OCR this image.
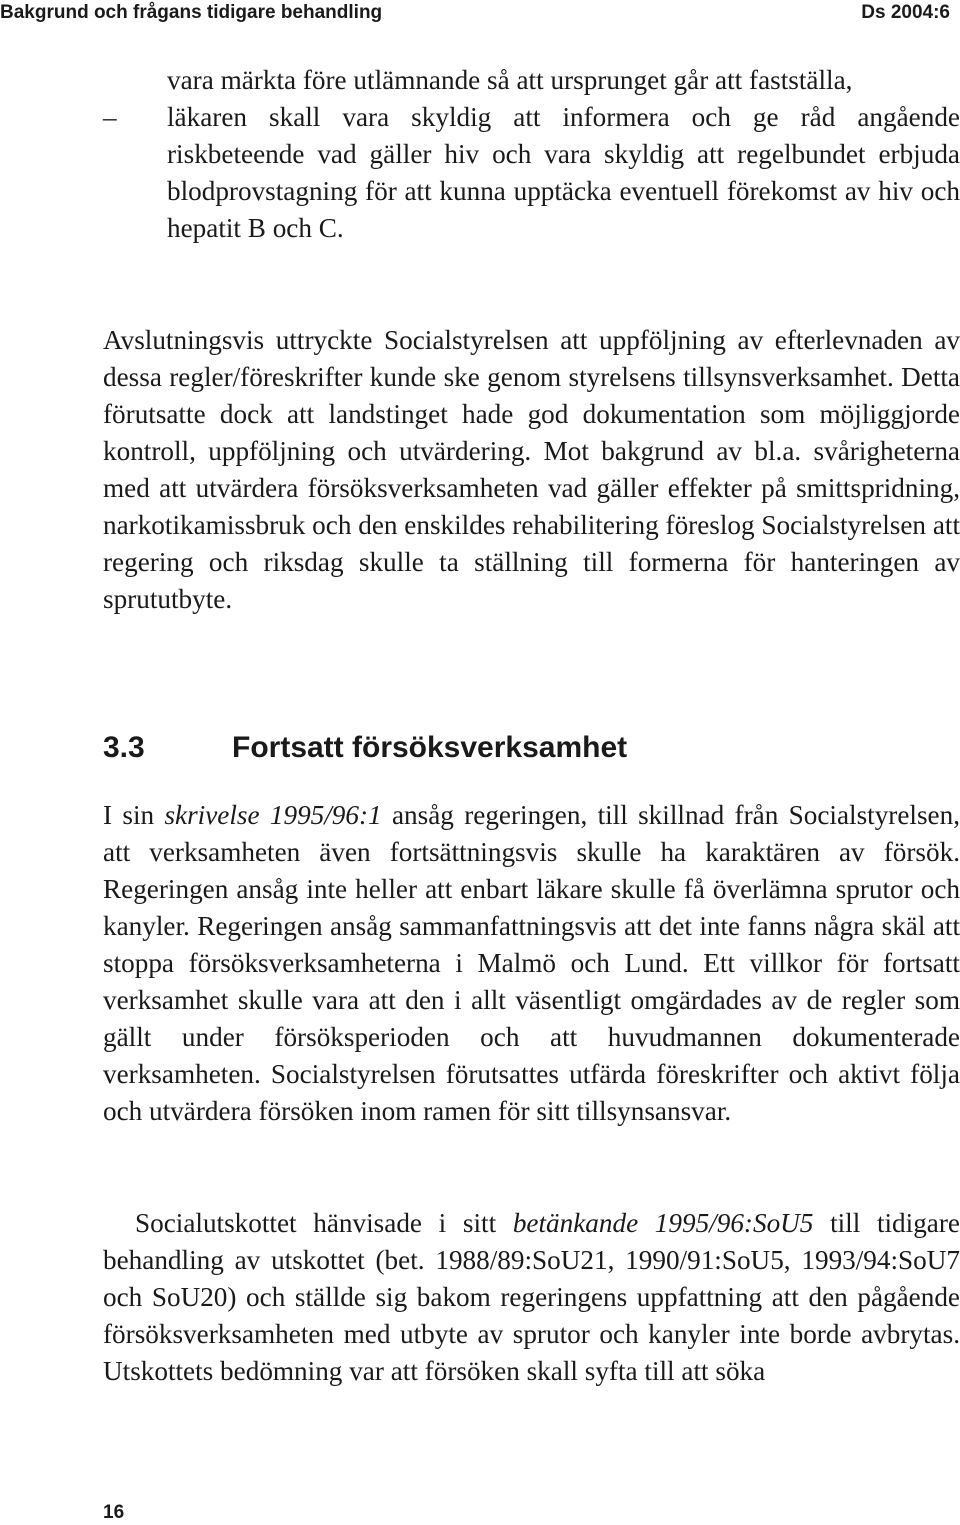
Bakgrund och frågans tidigare behandling	Ds 2004:6

vara märkta före utlämnande så att ursprunget går att fastställa,

– läkaren skall vara skyldig att informera och ge råd angående riskbeteende vad gäller hiv och vara skyldig att regelbundet erbjuda blodprovstagning för att kunna upptäcka eventuell förekomst av hiv och hepatit B och C.

Avslutningsvis uttryckte Socialstyrelsen att uppföljning av efterlevnaden av dessa regler/föreskrifter kunde ske genom styrelsens tillsynsverksamhet. Detta förutsatte dock att landstinget hade god dokumentation som möjliggjorde kontroll, uppföljning och utvärdering. Mot bakgrund av bl.a. svårigheterna med att utvärdera försöksverksamheten vad gäller effekter på smittspridning, narkotikamissbruk och den enskildes rehabilitering föreslog Socialstyrelsen att regering och riksdag skulle ta ställning till formerna för hanteringen av sprututbyte.

3.3	Fortsatt försöksverksamhet

I sin skrivelse 1995/96:1 ansåg regeringen, till skillnad från Socialstyrelsen, att verksamheten även fortsättningsvis skulle ha karaktären av försök. Regeringen ansåg inte heller att enbart läkare skulle få överlämna sprutor och kanyler. Regeringen ansåg sammanfattningsvis att det inte fanns några skäl att stoppa försöksverksamheterna i Malmö och Lund. Ett villkor för fortsatt verksamhet skulle vara att den i allt väsentligt omgärdades av de regler som gällt under försöksperioden och att huvudmannen dokumenterade verksamheten. Socialstyrelsen förutsattes utfärda föreskrifter och aktivt följa och utvärdera försöken inom ramen för sitt tillsynsansvar.

Socialutskottet hänvisade i sitt betänkande 1995/96:SoU5 till tidigare behandling av utskottet (bet. 1988/89:SoU21, 1990/91:SoU5, 1993/94:SoU7 och SoU20) och ställde sig bakom regeringens uppfattning att den pågående försöksverksamheten med utbyte av sprutor och kanyler inte borde avbrytas. Utskottets bedömning var att försöken skall syfta till att söka

16
